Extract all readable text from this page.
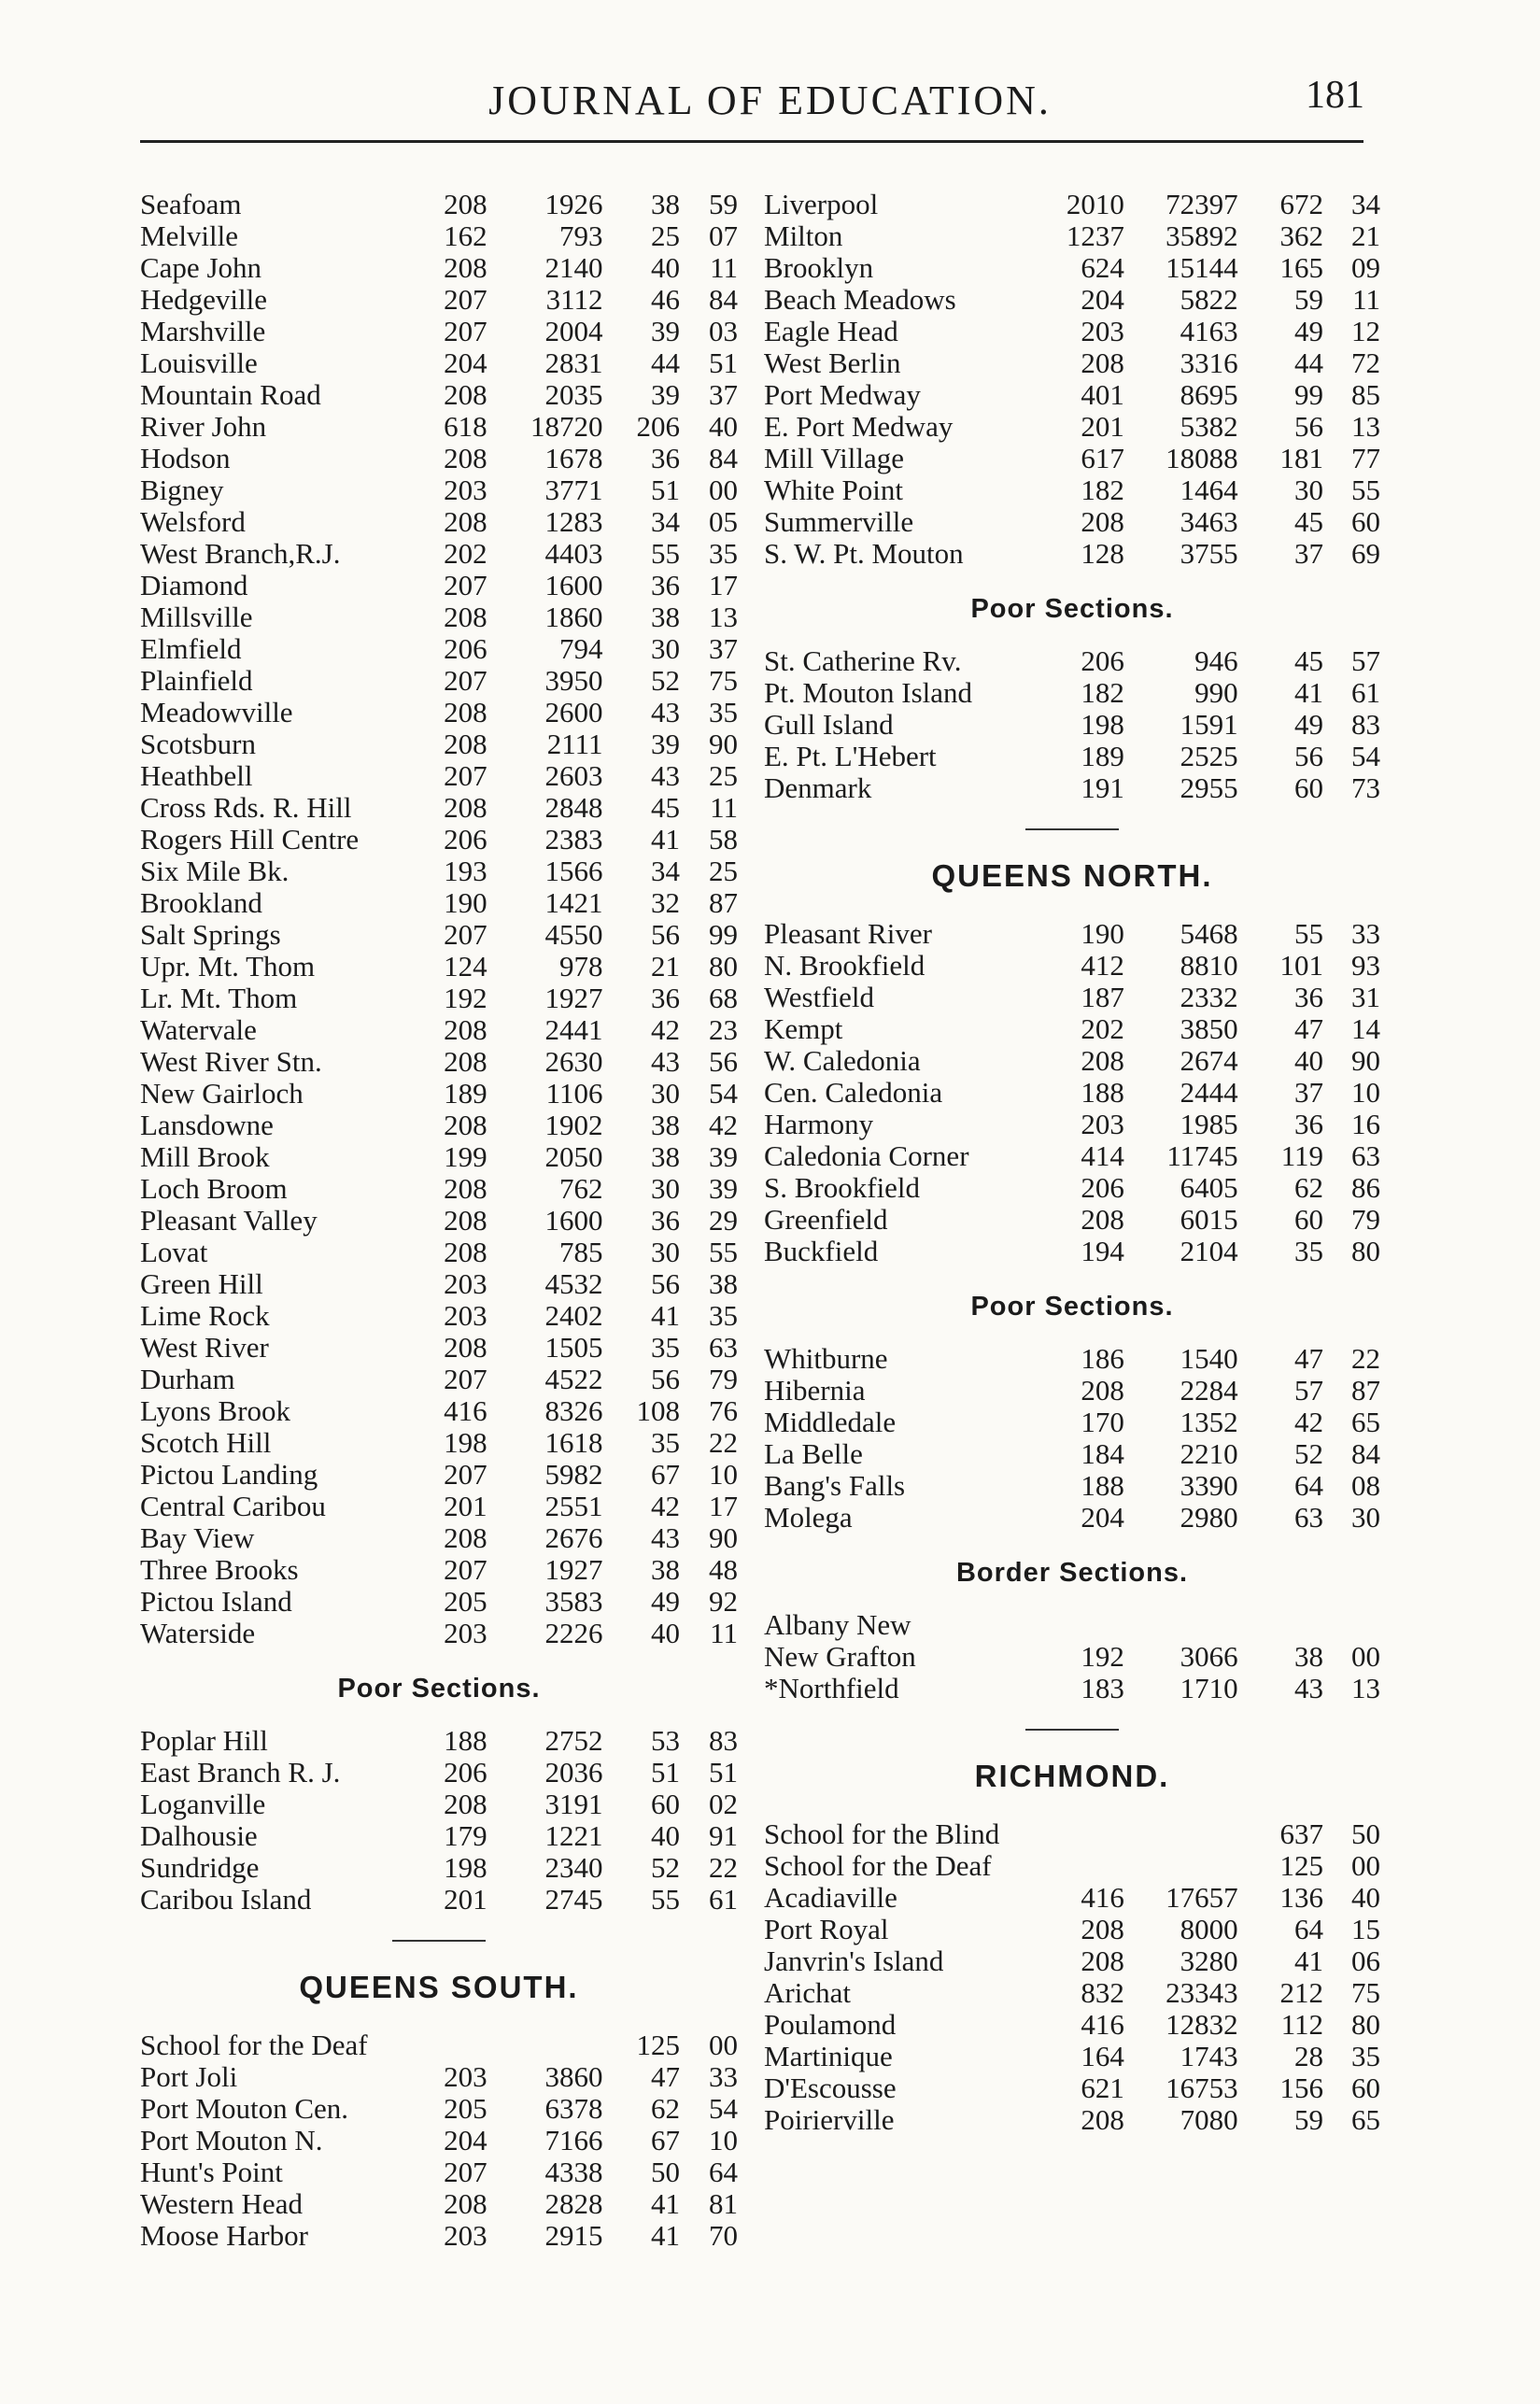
JOURNAL OF EDUCATION.	181
Seafoam	208	1926	38	59
Melville	162	793	25	07
Cape John	208	2140	40	11
Hedgeville	207	3112	46	84
Marshville	207	2004	39	03
Louisville	204	2831	44	51
Mountain Road	208	2035	39	37
River John	618	18720	206	40
Hodson	208	1678	36	84
Bigney	203	3771	51	00
Welsford	208	1283	34	05
West Branch,R.J.	202	4403	55	35
Diamond	207	1600	36	17
Millsville	208	1860	38	13
Elmfield	206	794	30	37
Plainfield	207	3950	52	75
Meadowville	208	2600	43	35
Scotsburn	208	2111	39	90
Heathbell	207	2603	43	25
Cross Rds. R. Hill	208	2848	45	11
Rogers Hill Centre	206	2383	41	58
Six Mile Bk.	193	1566	34	25
Brookland	190	1421	32	87
Salt Springs	207	4550	56	99
Upr. Mt. Thom	124	978	21	80
Lr. Mt. Thom	192	1927	36	68
Watervale	208	2441	42	23
West River Stn.	208	2630	43	56
New Gairloch	189	1106	30	54
Lansdowne	208	1902	38	42
Mill Brook	199	2050	38	39
Loch Broom	208	762	30	39
Pleasant Valley	208	1600	36	29
Lovat	208	785	30	55
Green Hill	203	4532	56	38
Lime Rock	203	2402	41	35
West River	208	1505	35	63
Durham	207	4522	56	79
Lyons Brook	416	8326	108	76
Scotch Hill	198	1618	35	22
Pictou Landing	207	5982	67	10
Central Caribou	201	2551	42	17
Bay View	208	2676	43	90
Three Brooks	207	1927	38	48
Pictou Island	205	3583	49	92
Waterside	203	2226	40	11
Poor Sections.
Poplar Hill	188	2752	53	83
East Branch R. J.	206	2036	51	51
Loganville	208	3191	60	02
Dalhousie	179	1221	40	91
Sundridge	198	2340	52	22
Caribou Island	201	2745	55	61
QUEENS SOUTH.
School for the Deaf			125	00
Port Joli	203	3860	47	33
Port Mouton Cen.	205	6378	62	54
Port Mouton N.	204	7166	67	10
Hunt's Point	207	4338	50	64
Western Head	208	2828	41	81
Moose Harbor	203	2915	41	70
Liverpool	2010	72397	672	34
Milton	1237	35892	362	21
Brooklyn	624	15144	165	09
Beach Meadows	204	5822	59	11
Eagle Head	203	4163	49	12
West Berlin	208	3316	44	72
Port Medway	401	8695	99	85
E. Port Medway	201	5382	56	13
Mill Village	617	18088	181	77
White Point	182	1464	30	55
Summerville	208	3463	45	60
S. W. Pt. Mouton	128	3755	37	69
Poor Sections.
St. Catherine Rv.	206	946	45	57
Pt. Mouton Island	182	990	41	61
Gull Island	198	1591	49	83
E. Pt. L'Hebert	189	2525	56	54
Denmark	191	2955	60	73
QUEENS NORTH.
Pleasant River	190	5468	55	33
N. Brookfield	412	8810	101	93
Westfield	187	2332	36	31
Kempt	202	3850	47	14
W. Caledonia	208	2674	40	90
Cen. Caledonia	188	2444	37	10
Harmony	203	1985	36	16
Caledonia Corner	414	11745	119	63
S. Brookfield	206	6405	62	86
Greenfield	208	6015	60	79
Buckfield	194	2104	35	80
Poor Sections.
Whitburne	186	1540	47	22
Hibernia	208	2284	57	87
Middledale	170	1352	42	65
La Belle	184	2210	52	84
Bang's Falls	188	3390	64	08
Molega	204	2980	63	30
Border Sections.
Albany New				
New Grafton	192	3066	38	00
*Northfield	183	1710	43	13
RICHMOND.
School for the Blind			637	50
School for the Deaf			125	00
Acadiaville	416	17657	136	40
Port Royal	208	8000	64	15
Janvrin's Island	208	3280	41	06
Arichat	832	23343	212	75
Poulamond	416	12832	112	80
Martinique	164	1743	28	35
D'Escousse	621	16753	156	60
Poirierville	208	7080	59	65
